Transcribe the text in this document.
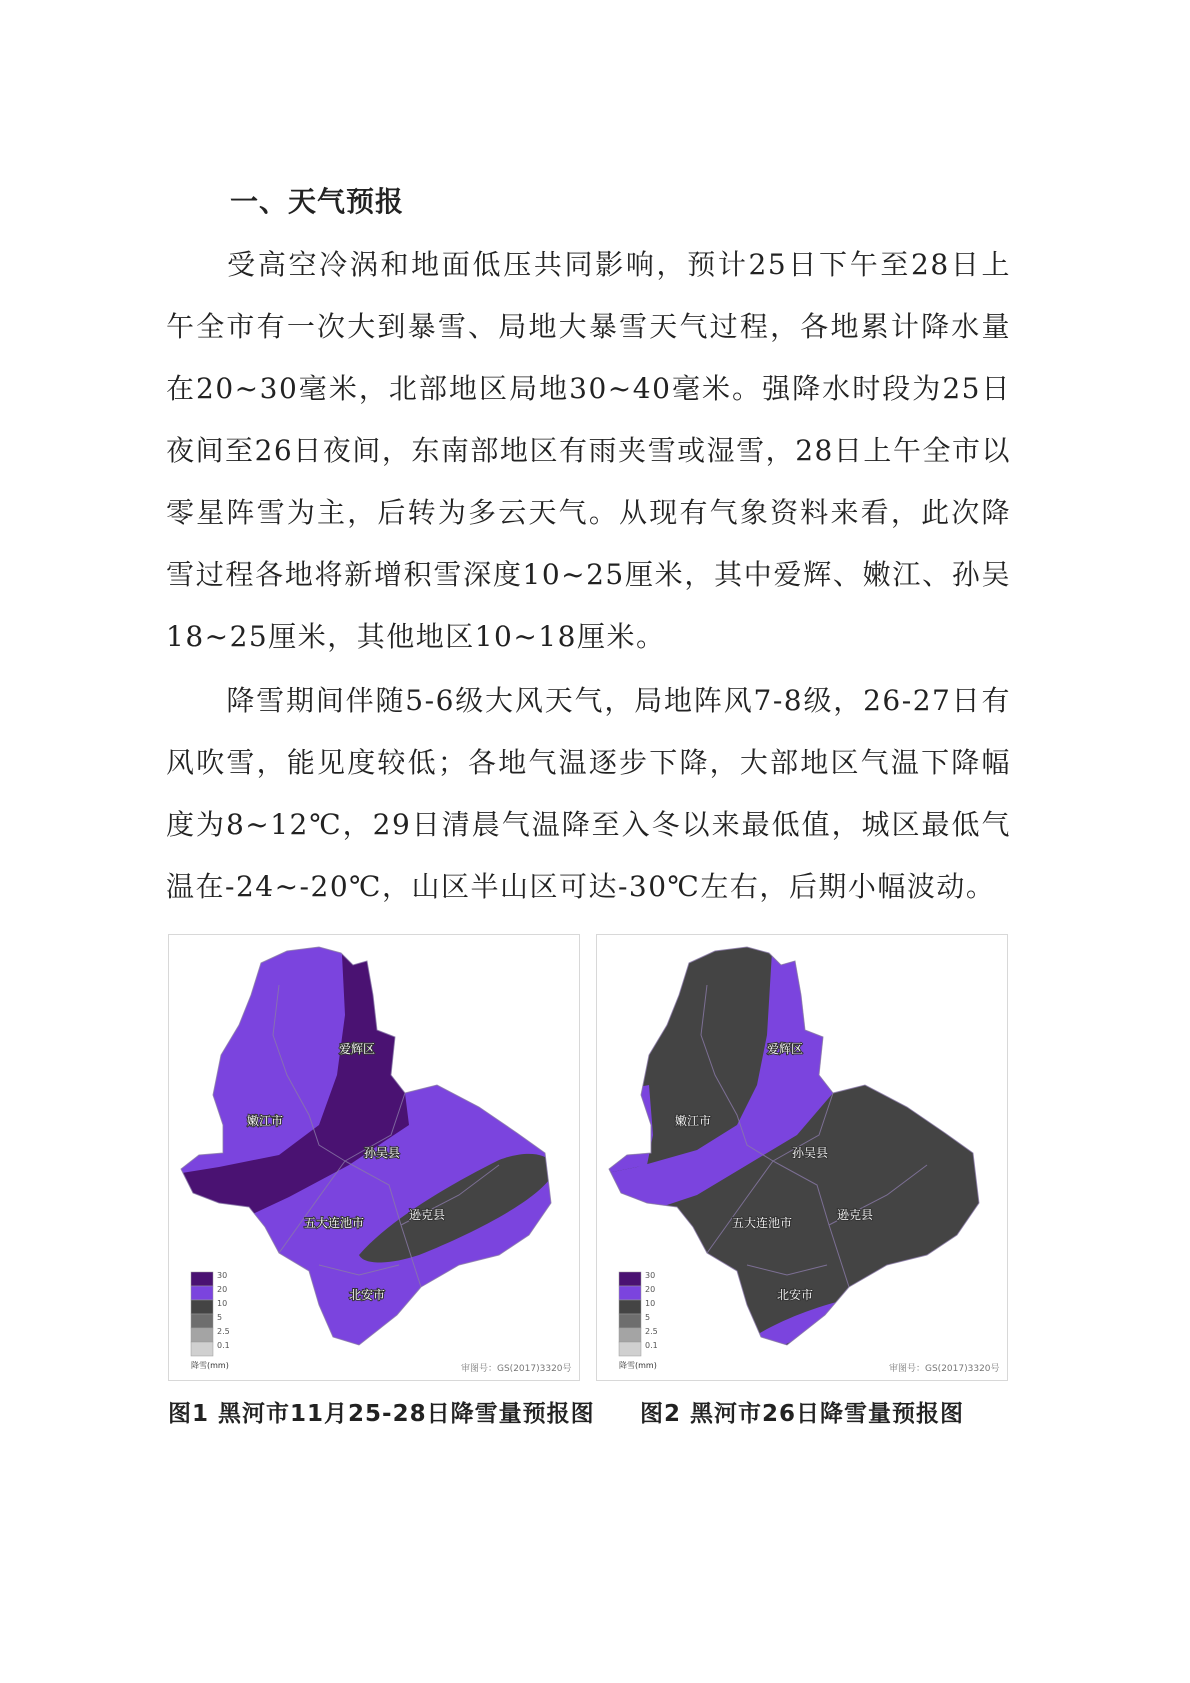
一、天气预报
受高空冷涡和地面低压共同影响，预计25日下午至28日上午全市有一次大到暴雪、局地大暴雪天气过程，各地累计降水量在20~30毫米，北部地区局地30~40毫米。强降水时段为25日夜间至26日夜间，东南部地区有雨夹雪或湿雪，28日上午全市以零星阵雪为主，后转为多云天气。从现有气象资料来看，此次降雪过程各地将新增积雪深度10~25厘米，其中爱辉、嫩江、孙吴18~25厘米，其他地区10~18厘米。
降雪期间伴随5-6级大风天气，局地阵风7-8级，26-27日有风吹雪，能见度较低；各地气温逐步下降，大部地区气温下降幅度为8~12℃，29日清晨气温降至入冬以来最低值，城区最低气温在-24~-20℃，山区半山区可达-30℃左右，后期小幅波动。
爱辉区
嫩江市
孙吴县
五大连池市
逊克县
北安市
30
20
10
5
2.5
0.1
降雪(mm)	审图号：GS(2017)3320号
爱辉区
嫩江市
孙吴县
五大连池市
逊克县
北安市
30
20
10
5
2.5
0.1
降雪(mm)	审图号：GS(2017)3320号
图1 黑河市11月25-28日降雪量预报图 图2 黑河市26日降雪量预报图
